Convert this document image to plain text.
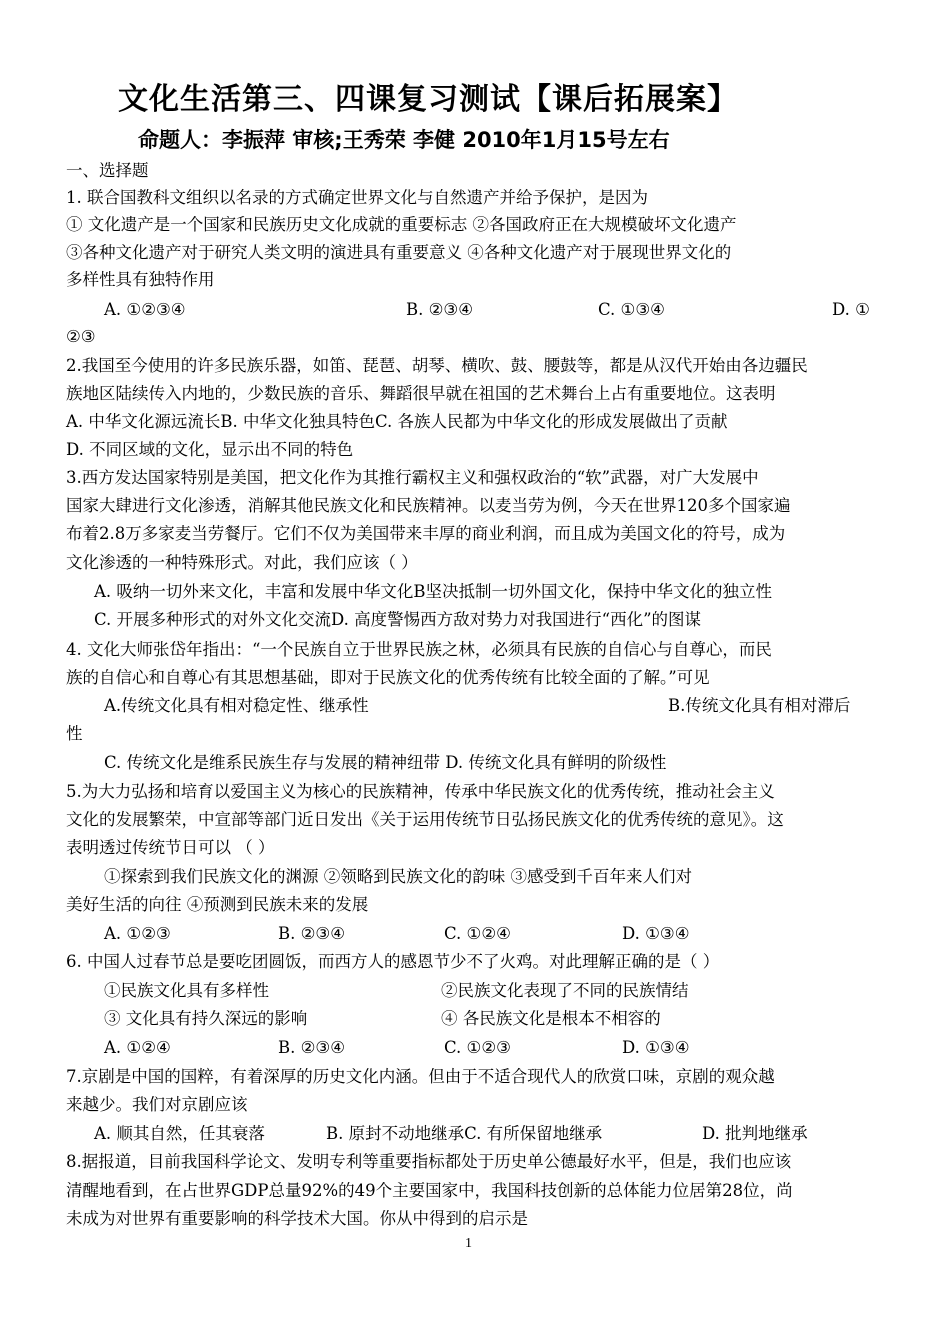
文化生活第三、四课复习测试【课后拓展案】
命题人：李振萍 审核;王秀荣 李健 2010年1月15号左右
一、选择题
1. 联合国教科文组织以名录的方式确定世界文化与自然遗产并给予保护，是因为
① 文化遗产是一个国家和民族历史文化成就的重要标志 ②各国政府正在大规模破坏文化遗产
③各种文化遗产对于研究人类文明的演进具有重要意义 ④各种文化遗产对于展现世界文化的
多样性具有独特作用
A. ①②③④	B. ②③④	C. ①③④	D. ①
②③
2.我国至今使用的许多民族乐器，如笛、琵琶、胡琴、横吹、鼓、腰鼓等，都是从汉代开始由各边疆民
族地区陆续传入内地的，少数民族的音乐、舞蹈很早就在祖国的艺术舞台上占有重要地位。这表明
A. 中华文化源远流长B. 中华文化独具特色C. 各族人民都为中华文化的形成发展做出了贡献
D. 不同区域的文化，显示出不同的特色
3.西方发达国家特别是美国，把文化作为其推行霸权主义和强权政治的“软”武器，对广大发展中
国家大肆进行文化渗透，消解其他民族文化和民族精神。以麦当劳为例，今天在世界120多个国家遍
布着2.8万多家麦当劳餐厅。它们不仅为美国带来丰厚的商业利润，而且成为美国文化的符号，成为
文化渗透的一种特殊形式。对此，我们应该（ ）
A. 吸纳一切外来文化，丰富和发展中华文化B坚决抵制一切外国文化，保持中华文化的独立性
C. 开展多种形式的对外文化交流D. 高度警惕西方敌对势力对我国进行“西化”的图谋
4. 文化大师张岱年指出：“一个民族自立于世界民族之林，必须具有民族的自信心与自尊心，而民
族的自信心和自尊心有其思想基础，即对于民族文化的优秀传统有比较全面的了解。”可见
A.传统文化具有相对稳定性、继承性	B.传统文化具有相对滞后
性
C. 传统文化是维系民族生存与发展的精神纽带 D. 传统文化具有鲜明的阶级性
5.为大力弘扬和培育以爱国主义为核心的民族精神，传承中华民族文化的优秀传统，推动社会主义
文化的发展繁荣，中宣部等部门近日发出《关于运用传统节日弘扬民族文化的优秀传统的意见》。这
表明透过传统节日可以 （ ）
①探索到我们民族文化的渊源 ②领略到民族文化的韵味 ③感受到千百年来人们对
美好生活的向往 ④预测到民族未来的发展
A. ①②③	B. ②③④	C. ①②④	D. ①③④
6. 中国人过春节总是要吃团圆饭，而西方人的感恩节少不了火鸡。对此理解正确的是（ ）
①民族文化具有多样性	②民族文化表现了不同的民族情结
③ 文化具有持久深远的影响	④ 各民族文化是根本不相容的
A. ①②④	B. ②③④	C. ①②③	D. ①③④
7.京剧是中国的国粹，有着深厚的历史文化内涵。但由于不适合现代人的欣赏口味，京剧的观众越
来越少。我们对京剧应该
A. 顺其自然，任其衰落	B. 原封不动地继承C. 有所保留地继承	D. 批判地继承
8.据报道，目前我国科学论文、发明专利等重要指标都处于历史单公德最好水平，但是，我们也应该
清醒地看到，在占世界GDP总量92%的49个主要国家中，我国科技创新的总体能力位居第28位，尚
未成为对世界有重要影响的科学技术大国。你从中得到的启示是
1
